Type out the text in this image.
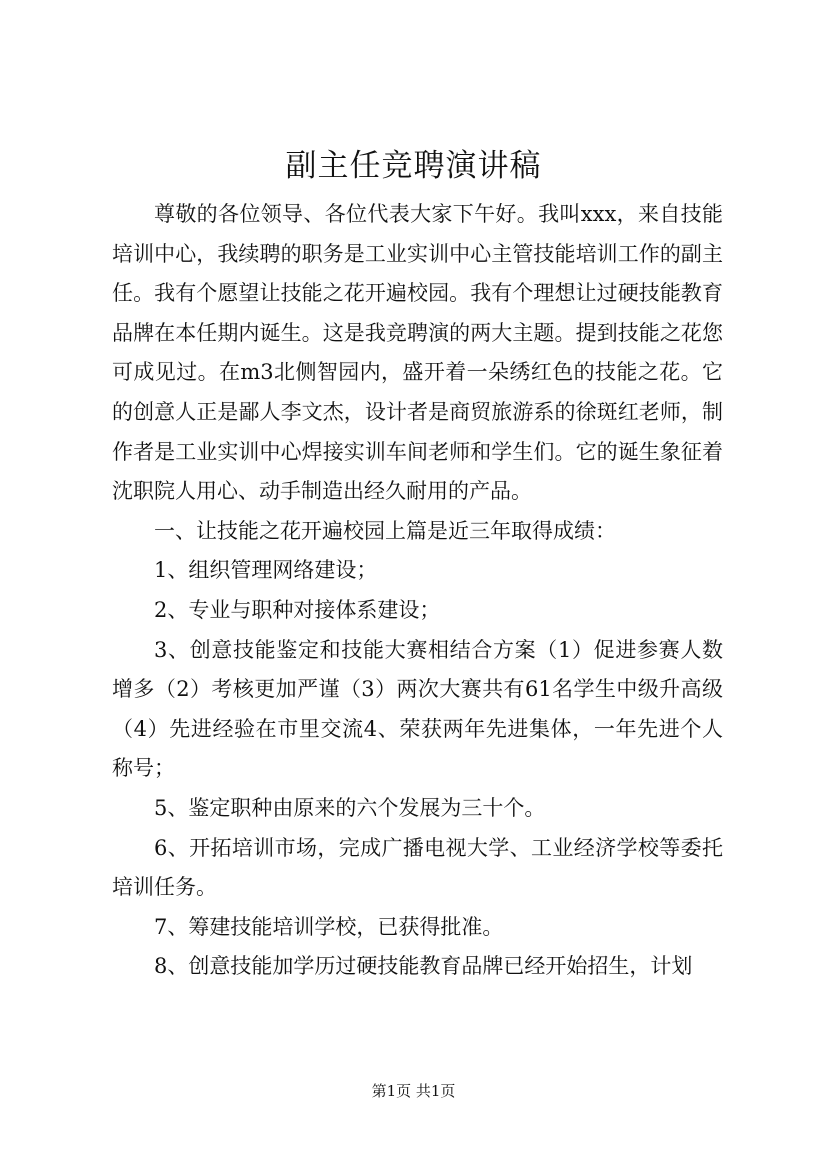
副主任竞聘演讲稿

尊敬的各位领导、各位代表大家下午好。我叫xxx，来自技能培训中心，我续聘的职务是工业实训中心主管技能培训工作的副主任。我有个愿望让技能之花开遍校园。我有个理想让过硬技能教育品牌在本任期内诞生。这是我竞聘演的两大主题。提到技能之花您可成见过。在m3北侧智园内，盛开着一朵绣红色的技能之花。它的创意人正是鄙人李文杰，设计者是商贸旅游系的徐斑红老师，制作者是工业实训中心焊接实训车间老师和学生们。它的诞生象征着沈职院人用心、动手制造出经久耐用的产品。

一、让技能之花开遍校园上篇是近三年取得成绩：

1、组织管理网络建设；

2、专业与职种对接体系建设；

3、创意技能鉴定和技能大赛相结合方案（1）促进参赛人数增多（2）考核更加严谨（3）两次大赛共有61名学生中级升高级（4）先进经验在市里交流4、荣获两年先进集体，一年先进个人称号；

5、鉴定职种由原来的六个发展为三十个。

6、开拓培训市场，完成广播电视大学、工业经济学校等委托培训任务。

7、筹建技能培训学校，已获得批准。

8、创意技能加学历过硬技能教育品牌已经开始招生，计划

第1页 共1页
